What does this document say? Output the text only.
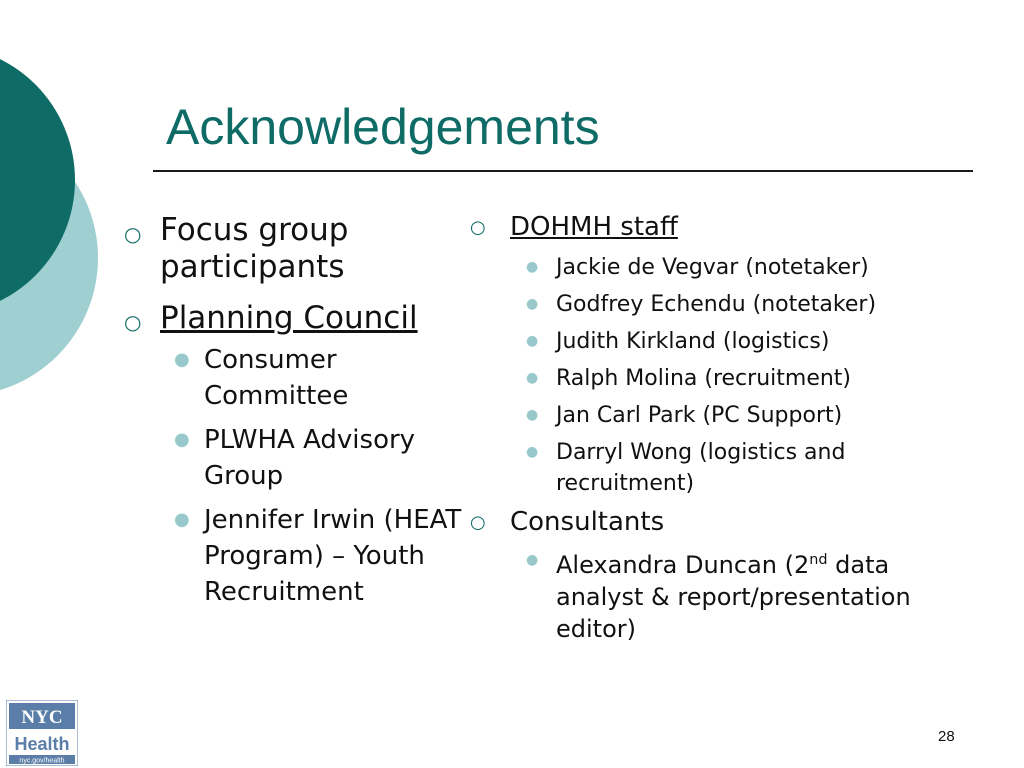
Acknowledgements
○ Focus group participants
○ Planning Council
● Consumer Committee
● PLWHA Advisory Group
● Jennifer Irwin (HEAT Program) – Youth Recruitment
○ DOHMH staff
● Jackie de Vegvar (notetaker)
● Godfrey Echendu (notetaker)
● Judith Kirkland (logistics)
● Ralph Molina (recruitment)
● Jan Carl Park (PC Support)
● Darryl Wong (logistics and recruitment)
○ Consultants
● Alexandra Duncan (2nd data analyst & report/presentation editor)
NYC
Health
nyc.gov/health
28
